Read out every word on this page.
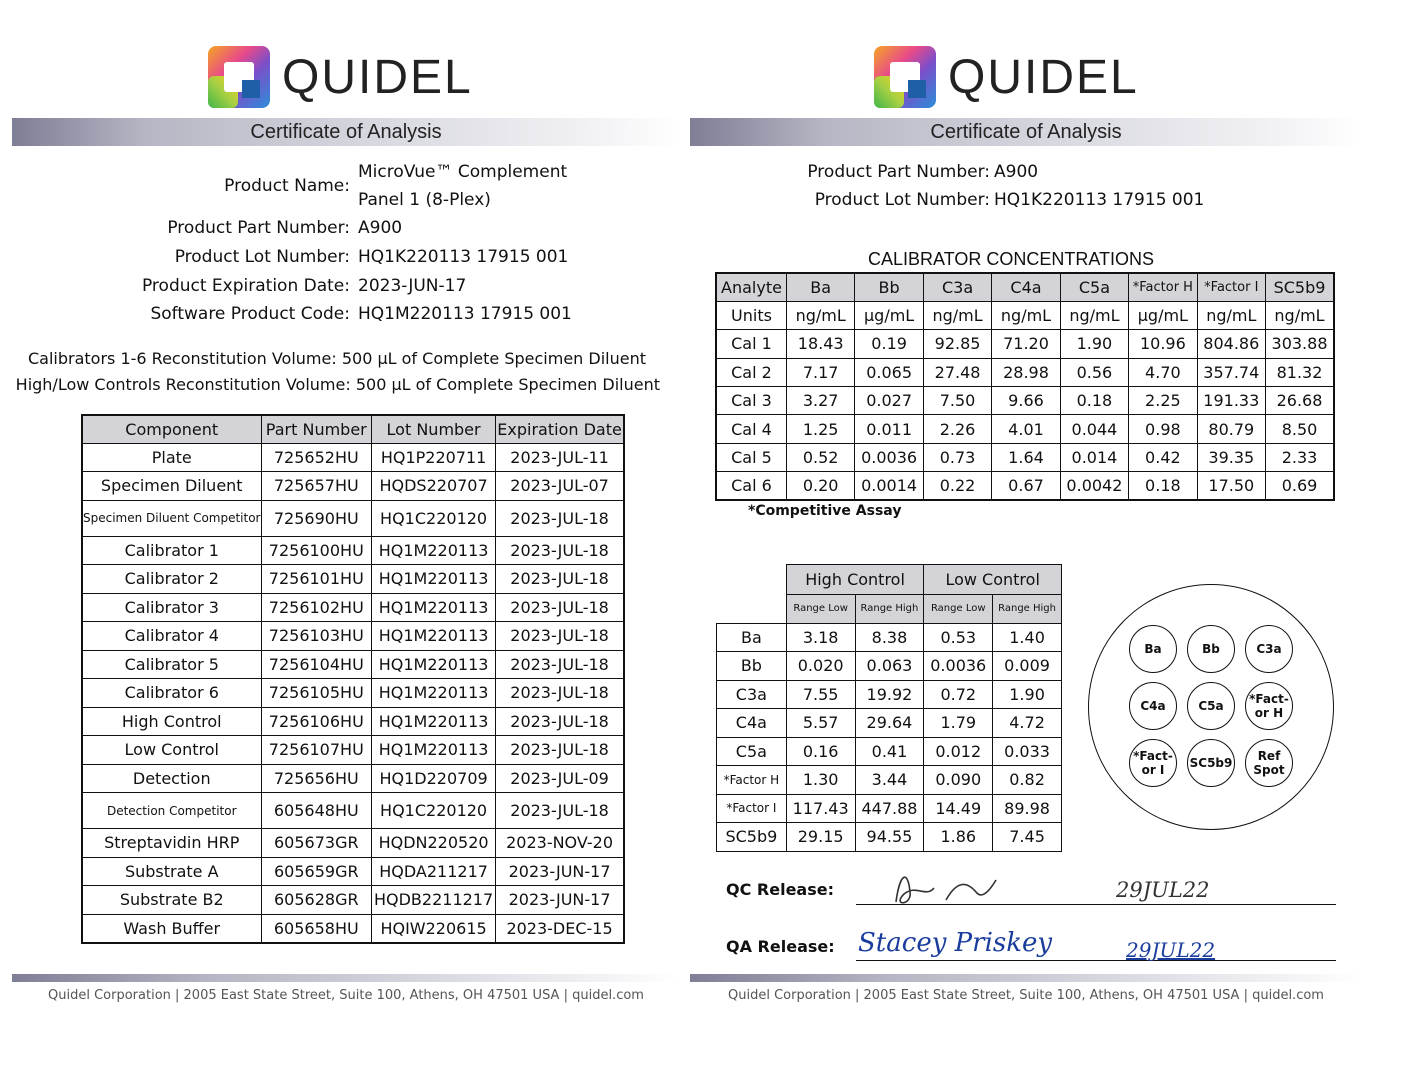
QUIDEL
Certificate of Analysis
Product Name:
MicroVue™ Complement
Panel 1 (8-Plex)
Product Part Number: A900
Product Lot Number: HQ1K220113 17915 001
Product Expiration Date: 2023-JUN-17
Software Product Code: HQ1M220113 17915 001
Calibrators 1-6 Reconstitution Volume: 500 µL of Complete Specimen Diluent
High/Low Controls Reconstitution Volume: 500 µL of Complete Specimen Diluent
Component	Part Number	Lot Number	Expiration Date
Plate	725652HU	HQ1P220711	2023-JUL-11
Specimen Diluent	725657HU	HQDS220707	2023-JUL-07
Specimen Diluent Competitor	725690HU	HQ1C220120	2023-JUL-18
Calibrator 1	7256100HU	HQ1M220113	2023-JUL-18
Calibrator 2	7256101HU	HQ1M220113	2023-JUL-18
Calibrator 3	7256102HU	HQ1M220113	2023-JUL-18
Calibrator 4	7256103HU	HQ1M220113	2023-JUL-18
Calibrator 5	7256104HU	HQ1M220113	2023-JUL-18
Calibrator 6	7256105HU	HQ1M220113	2023-JUL-18
High Control	7256106HU	HQ1M220113	2023-JUL-18
Low Control	7256107HU	HQ1M220113	2023-JUL-18
Detection	725656HU	HQ1D220709	2023-JUL-09
Detection Competitor	605648HU	HQ1C220120	2023-JUL-18
Streptavidin HRP	605673GR	HQDN220520	2023-NOV-20
Substrate A	605659GR	HQDA211217	2023-JUN-17
Substrate B2	605628GR	HQDB2211217	2023-JUN-17
Wash Buffer	605658HU	HQIW220615	2023-DEC-15
Quidel Corporation | 2005 East State Street, Suite 100, Athens, OH 47501 USA | quidel.com
QUIDEL
Certificate of Analysis
Product Part Number: A900
Product Lot Number: HQ1K220113 17915 001
CALIBRATOR CONCENTRATIONS
Analyte	Ba	Bb	C3a	C4a	C5a	*Factor H	*Factor I	SC5b9
Units	ng/mL	µg/mL	ng/mL	ng/mL	ng/mL	µg/mL	ng/mL	ng/mL
Cal 1	18.43	0.19	92.85	71.20	1.90	10.96	804.86	303.88
Cal 2	7.17	0.065	27.48	28.98	0.56	4.70	357.74	81.32
Cal 3	3.27	0.027	7.50	9.66	0.18	2.25	191.33	26.68
Cal 4	1.25	0.011	2.26	4.01	0.044	0.98	80.79	8.50
Cal 5	0.52	0.0036	0.73	1.64	0.014	0.42	39.35	2.33
Cal 6	0.20	0.0014	0.22	0.67	0.0042	0.18	17.50	0.69
*Competitive Assay
	High Control		Low Control	
	Range Low	Range High	Range Low	Range High
Ba	3.18	8.38	0.53	1.40
Bb	0.020	0.063	0.0036	0.009
C3a	7.55	19.92	0.72	1.90
C4a	5.57	29.64	1.79	4.72
C5a	0.16	0.41	0.012	0.033
*Factor H	1.30	3.44	0.090	0.82
*Factor I	117.43	447.88	14.49	89.98
SC5b9	29.15	94.55	1.86	7.45
Ba	Bb	C3a
C4a	C5a *Fact-
or H
*Fact-
or I	SC5b9	Ref
Spot
QC Release:	29JUL22
QA Release: Stacey Priskey	29JUL22
Quidel Corporation | 2005 East State Street, Suite 100, Athens, OH 47501 USA | quidel.com
